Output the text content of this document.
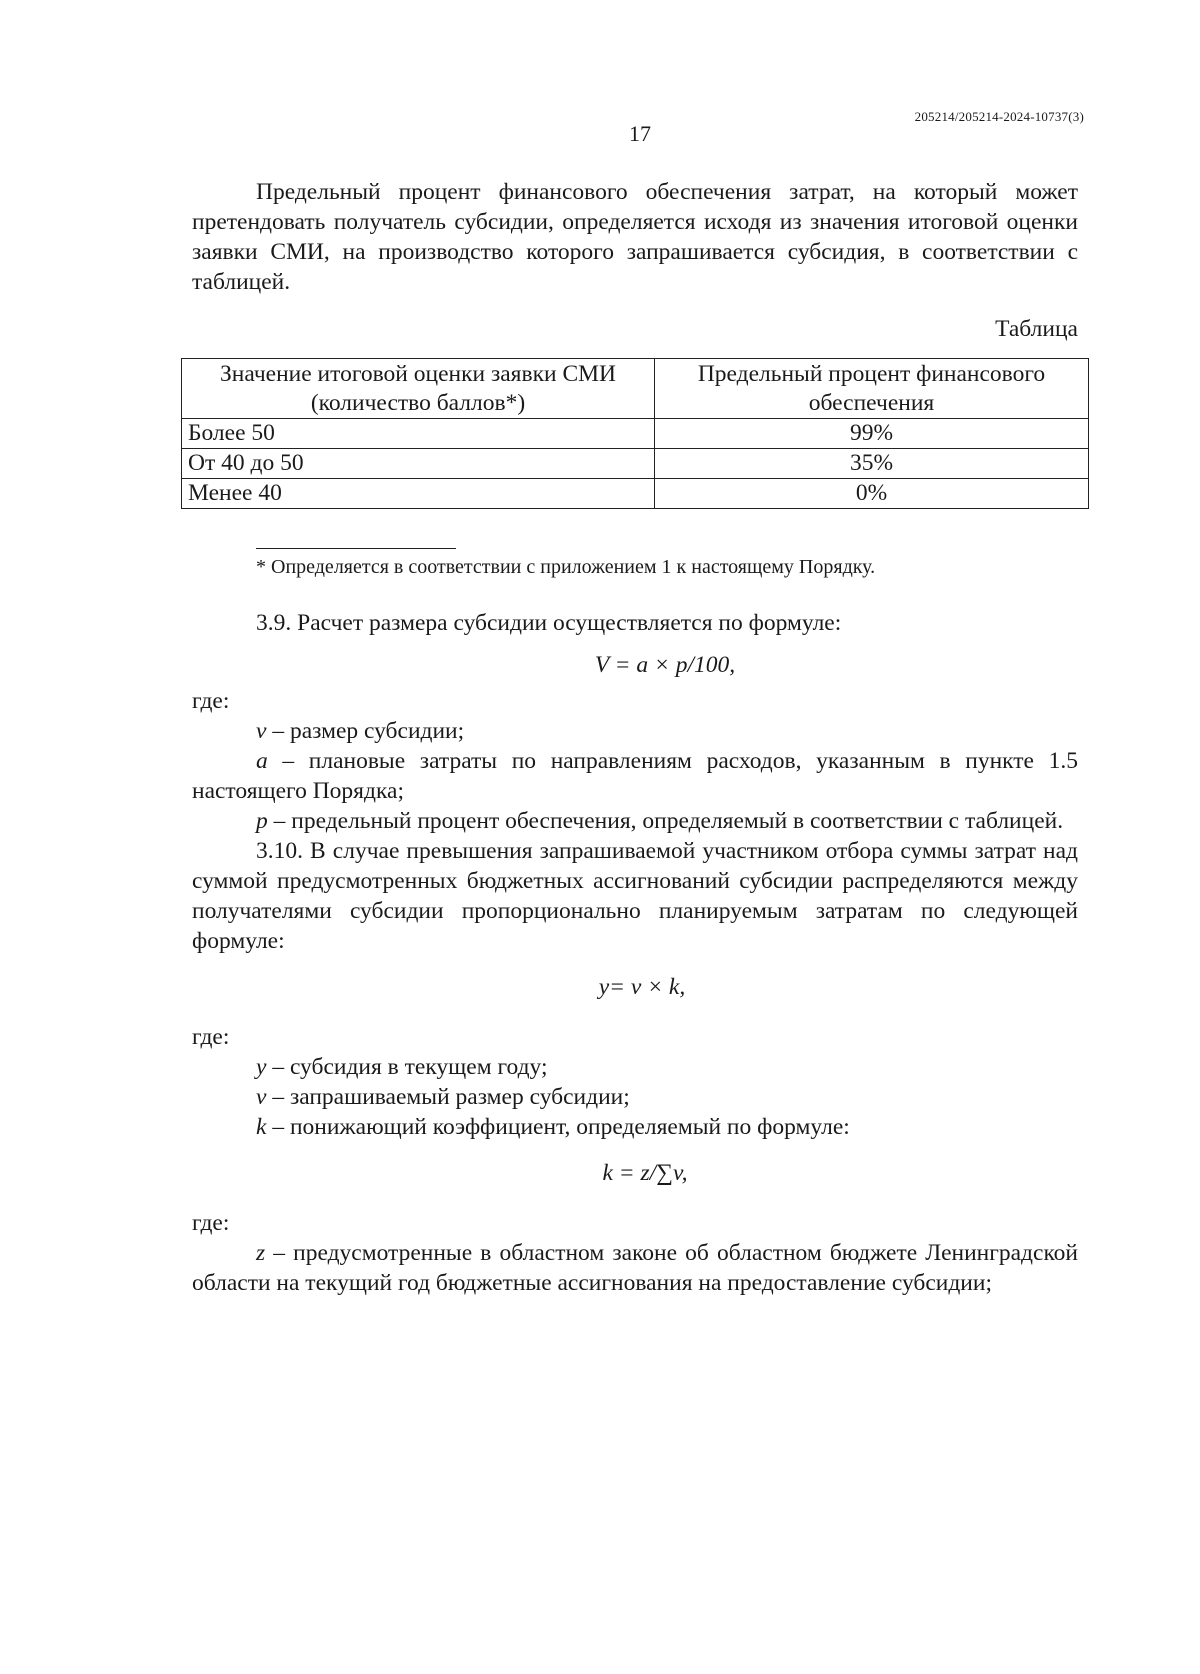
205214/205214-2024-10737(3)
17

Предельный процент финансового обеспечения затрат, на который может претендовать получатель субсидии, определяется исходя из значения итоговой оценки заявки СМИ, на производство которого запрашивается субсидия, в соответствии с таблицей.

Таблица
Значение итоговой оценки заявки СМИ (количество баллов*)	Предельный процент финансового обеспечения
Более 50	99%
От 40 до 50	35%
Менее 40	0%

* Определяется в соответствии с приложением 1 к настоящему Порядку.

3.9. Расчет размера субсидии осуществляется по формуле:

V = a × p/100,

где:

v – размер субсидии;

a – плановые затраты по направлениям расходов, указанным в пункте 1.5 настоящего Порядка;

p – предельный процент обеспечения, определяемый в соответствии с таблицей.

3.10. В случае превышения запрашиваемой участником отбора суммы затрат над суммой предусмотренных бюджетных ассигнований субсидии распределяются между получателями субсидии пропорционально планируемым затратам по следующей формуле:

y= v × k,

где:

y – субсидия в текущем году;

v – запрашиваемый размер субсидии;

k – понижающий коэффициент, определяемый по формуле:

k = z/∑v,

где:

z – предусмотренные в областном законе об областном бюджете Ленинградской области на текущий год бюджетные ассигнования на предоставление субсидии;
